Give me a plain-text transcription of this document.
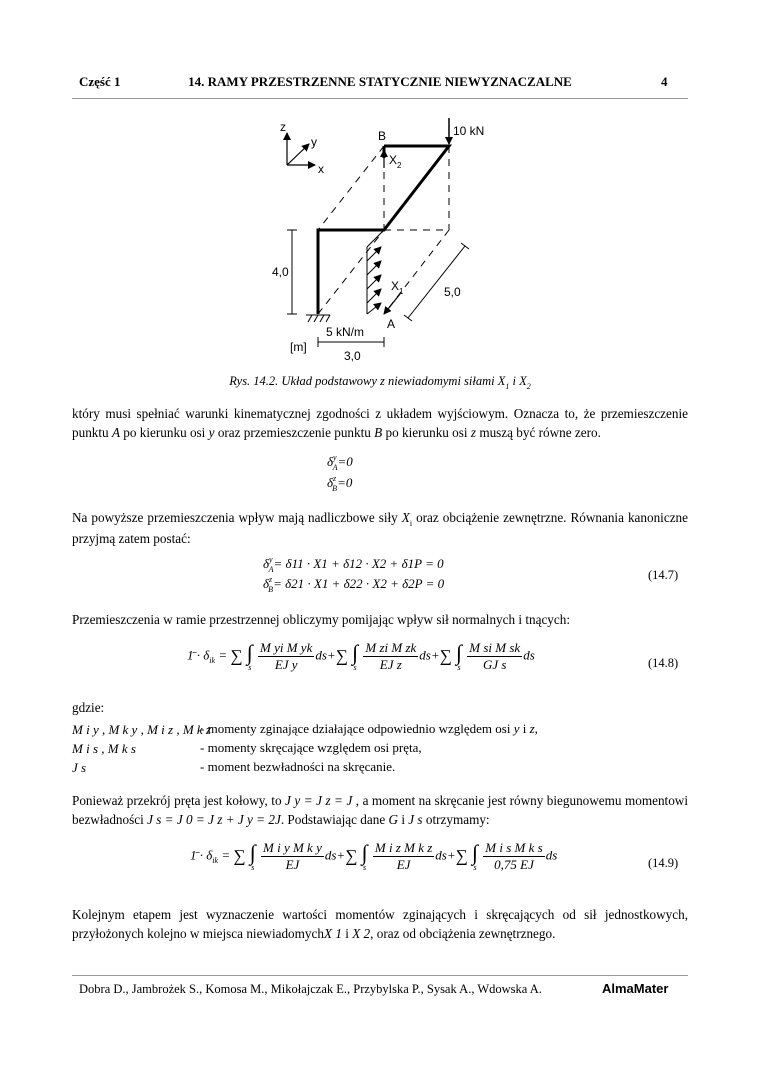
Część 1	14. RAMY PRZESTRZENNE STATYCZNIE NIEWYZNACZALNE	4
z
y
x
B
X 2
10 kN
4,0
X 1	5,0
A
5 kN/m
[m]
3,0
Rys. 14.2. Układ podstawowy z niewiadomymi siłami $X_1$ i $X_2$
który musi spełniać warunki kinematycznej zgodności z układem wyjściowym. Oznacza to, że przemieszczenie punktu A po kierunku osi y oraz przemieszczenie punktu B po kierunku osi z muszą być równe zero.
$\delta^y_A=0$
$\delta^z_B=0$
Na powyższe przemieszczenia wpływ mają nadliczbowe siły $X_i$ oraz obciążenie zewnętrzne. Równania kanoniczne przyjmą zatem postać:
$\delta^y_A= \delta 11 \cdot X1 + \delta 12 \cdot X2 + \delta 1P = 0$
$\delta^z_B= \delta 21 \cdot X1 + \delta 22 \cdot X2 + \delta 2P = 0$
(14.7)
Przemieszczenia w ramie przestrzennej obliczymy pomijając wpływ sił normalnych i tnących:
1̄ · $\delta_{ik}$ = ∑ ∫
s
$\frac{\text{M yi M yk}}{\text{EJ y}} ds+\sum$ ∫
s
$\frac{\text{M zi M zk}}{\text{EJ z}} ds+\sum$ ∫
s
$\frac{\text{M si M sk}}{\text{GJ s}}$ ds
(14.8)
gdzie:
M i y , M k y , M i z , M k z
- momenty zginające działające odpowiednio względem osi y i z,
M i s , M k s	- momenty skręcające względem osi pręta,
J s	- moment bezwładności na skręcanie.
Ponieważ przekrój pręta jest kołowy, to J y = J z = J , a moment na skręcanie jest równy biegunowemu momentowi bezwładności J s = J 0 = J z + J y = 2J. Podstawiając dane G i J s otrzymamy:
1̄ · $\delta_{ik}$ = ∑ ∫
s
$\frac{\text{M i y M k y}}{EJ} ds+\sum$ ∫
s
$\frac{\text{M i z M k z}}{EJ} ds+\sum$ ∫
s
$\frac{\text{M i s M k s}}{0,75 EJ}$ ds
(14.9)
Kolejnym etapem jest wyznaczenie wartości momentów zginających i skręcających od sił jednostkowych, przyłożonych kolejno w miejsca niewiadomychX 1 i X 2, oraz od obciążenia zewnętrznego.
Dobra D., Jambrożek S., Komosa M., Mikołajczak E., Przybylska P., Sysak A., Wdowska A.	AlmaMater
